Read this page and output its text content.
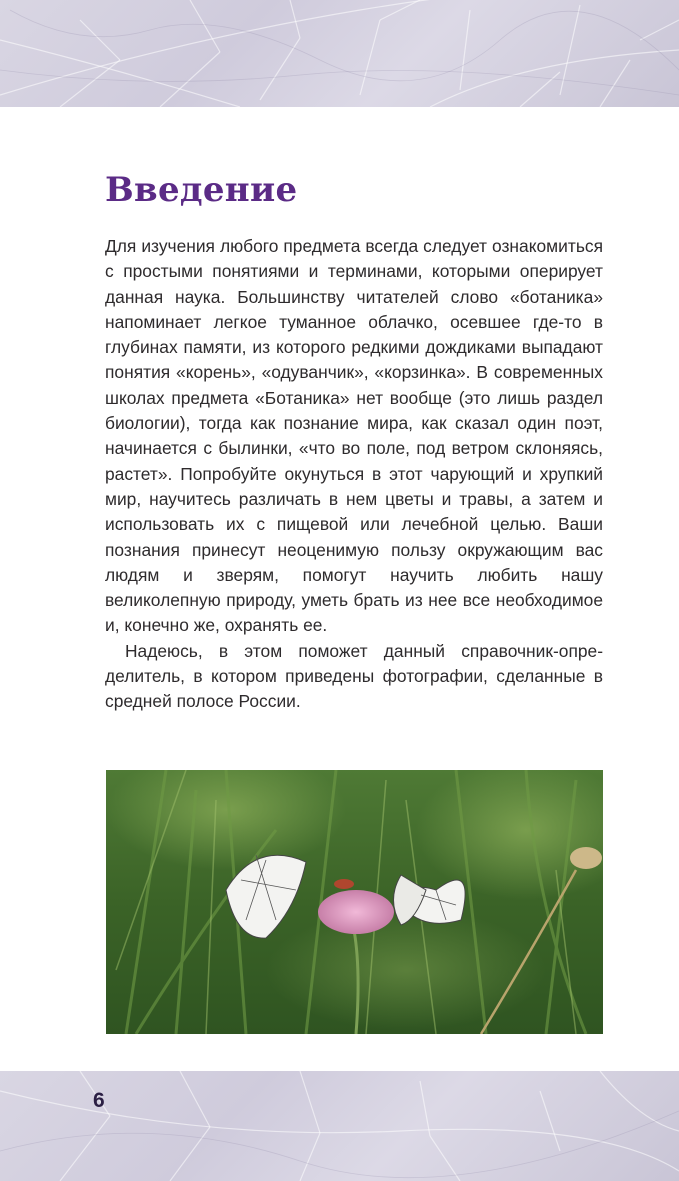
Введение

Для изучения любого предмета всегда следует ознакомиться с простыми понятиями и терминами, которыми оперирует данная наука. Большинству читателей слово «ботаника» напоминает легкое туманное облачко, осевшее где-то в глубинах памяти, из которого редкими дождиками выпадают понятия «корень», «одуванчик», «корзинка». В современных школах предмета «Ботаника» нет вообще (это лишь раздел биологии), тогда как познание мира, как сказал один поэт, начинается с былинки, «что во поле, под ветром склоняясь, растет». Попробуйте окунуться в этот чарующий и хрупкий мир, научитесь различать в нем цветы и травы, а затем и использовать их с пищевой или лечебной целью. Ваши познания принесут неоценимую пользу окружающим вас людям и зверям, помогут научить любить нашу великолепную природу, уметь брать из нее все необходимое и, конечно же, охранять ее.

Надеюсь, в этом поможет данный справочник-определитель, в котором приведены фотографии, сделанные в средней полосе России.

6
